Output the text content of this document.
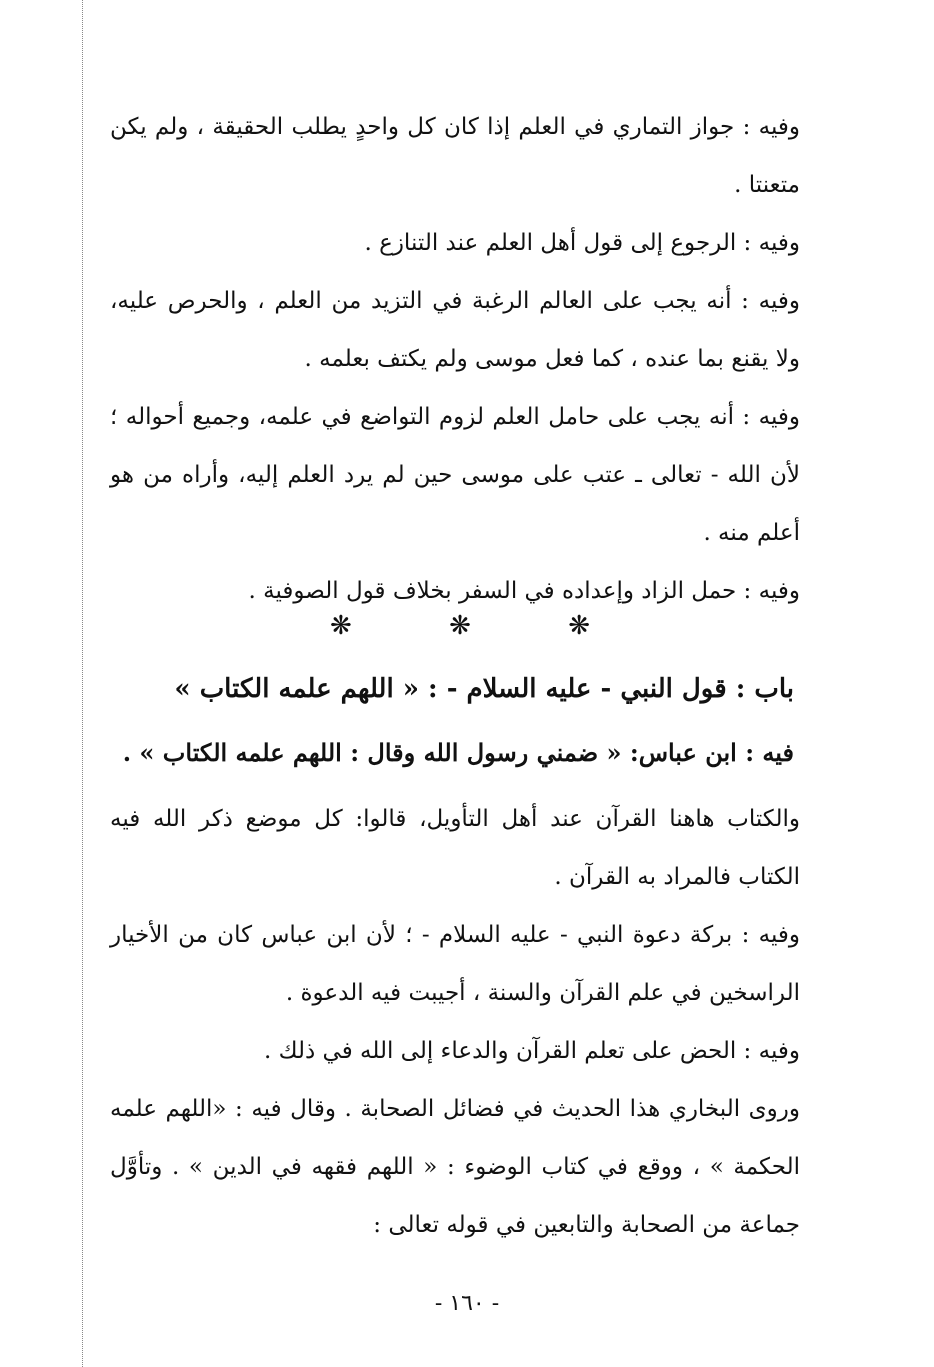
وفيه : جواز التماري في العلم إذا كان كل واحدٍ يطلب الحقيقة ، ولم يكن متعنتا .

وفيه : الرجوع إلى قول أهل العلم عند التنازع .

وفيه : أنه يجب على العالم الرغبة في التزيد من العلم ، والحرص عليه، ولا يقنع بما عنده ، كما فعل موسى ولم يكتف بعلمه .

وفيه : أنه يجب على حامل العلم لزوم التواضع في علمه، وجميع أحواله ؛ لأن الله - تعالى ـ عتب على موسى حين لم يرد العلم إليه، وأراه من هو أعلم منه .

وفيه : حمل الزاد وإعداده في السفر بخلاف قول الصوفية .

❋	❋	❋

باب : قول النبي - عليه السلام - : « اللهم علمه الكتاب »

فيه : ابن عباس: « ضمني رسول الله وقال : اللهم علمه الكتاب » .

والكتاب هاهنا القرآن عند أهل التأويل، قالوا: كل موضع ذكر الله فيه الكتاب فالمراد به القرآن .

وفيه : بركة دعوة النبي - عليه السلام - ؛ لأن ابن عباس كان من الأخيار الراسخين في علم القرآن والسنة ، أجيبت فيه الدعوة .

وفيه : الحض على تعلم القرآن والدعاء إلى الله في ذلك .

وروى البخاري هذا الحديث في فضائل الصحابة . وقال فيه : «اللهم علمه الحكمة » ، ووقع في كتاب الوضوء : « اللهم فقهه في الدين » . وتأوَّل جماعة من الصحابة والتابعين في قوله تعالى :

- ١٦٠ -
